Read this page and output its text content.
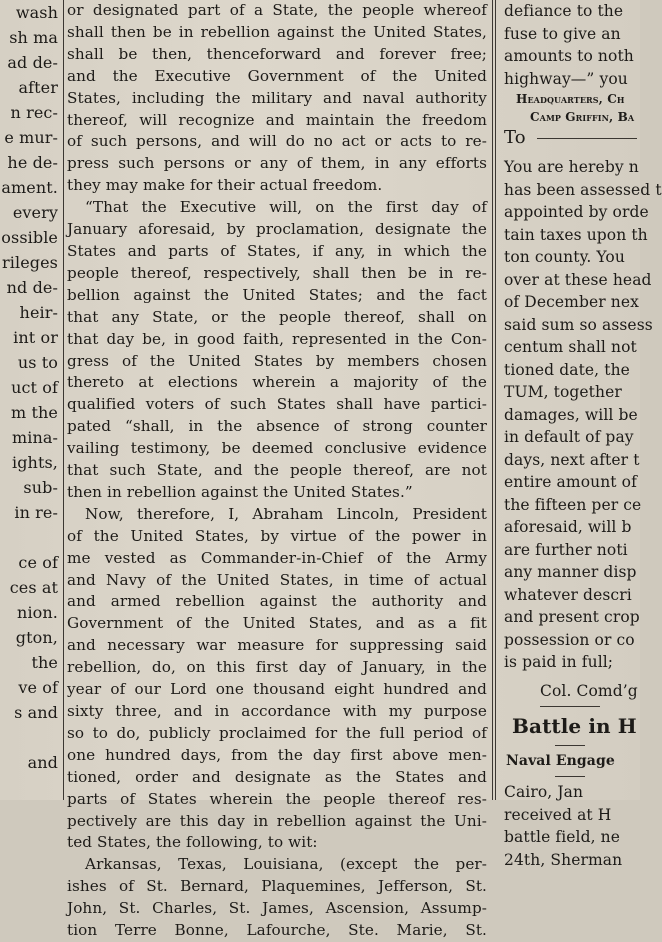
wash
sh ma
ad de-
after
n rec-
e mur-
he de-
ament.
every
ossible
rileges
nd de-
heir-
int or
us to
uct of
m the
mina-
ights,
sub-
in re-

ce of
ces at
nion.
gton,
the
ve of
s and

and
or designated part of a State, the people whereof
shall then be in rebellion against the United States,
shall be then, thenceforward and forever free;
and the Executive Government of the United
States, including the military and naval authority
thereof, will recognize and maintain the freedom
of such persons, and will do no act or acts to re-
press such persons or any of them, in any efforts
they may make for their actual freedom.
“That the Executive will, on the first day of
January aforesaid, by proclamation, designate the
States and parts of States, if any, in which the
people thereof, respectively, shall then be in re-
bellion against the United States; and the fact
that any State, or the people thereof, shall on
that day be, in good faith, represented in the Con-
gress of the United States by members chosen
thereto at elections wherein a majority of the
qualified voters of such States shall have partici-
pated “shall, in the absence of strong counter
vailing testimony, be deemed conclusive evidence
that such State, and the people thereof, are not
then in rebellion against the United States.”
Now, therefore, I, Abraham Lincoln, President
of the United States, by virtue of the power in
me vested as Commander-in-Chief of the Army
and Navy of the United States, in time of actual
and armed rebellion against the authority and
Government of the United States, and as a fit
and necessary war measure for suppressing said
rebellion, do, on this first day of January, in the
year of our Lord one thousand eight hundred and
sixty three, and in accordance with my purpose
so to do, publicly proclaimed for the full period of
one hundred days, from the day first above men-
tioned, order and designate as the States and
parts of States wherein the people thereof res-
pectively are this day in rebellion against the Uni-
ted States, the following, to wit:
Arkansas, Texas, Louisiana, (except the per-
ishes of St. Bernard, Plaquemines, Jefferson, St.
John, St. Charles, St. James, Ascension, Assump-
tion Terre Bonne, Lafourche, Ste. Marie, St.
defiance to the
fuse to give an
amounts to noth
highway—” you
Headquarters, Ch
Camp Griffin, Ba
To
You are hereby n
has been assessed t
appointed by orde
tain taxes upon th
ton county. You
over at these head
of December nex
said sum so assess
centum shall not
tioned date, the
TUM, together
damages, will be
in default of pay
days, next after t
entire amount of
the fifteen per ce
aforesaid, will b
are further noti
any manner disp
whatever descri
and present crop
possession or co
is paid in full;
Col. Comd’g
Battle in H
Naval Engage
Cairo, Jan
received at H
battle field, ne
24th, Sherman
